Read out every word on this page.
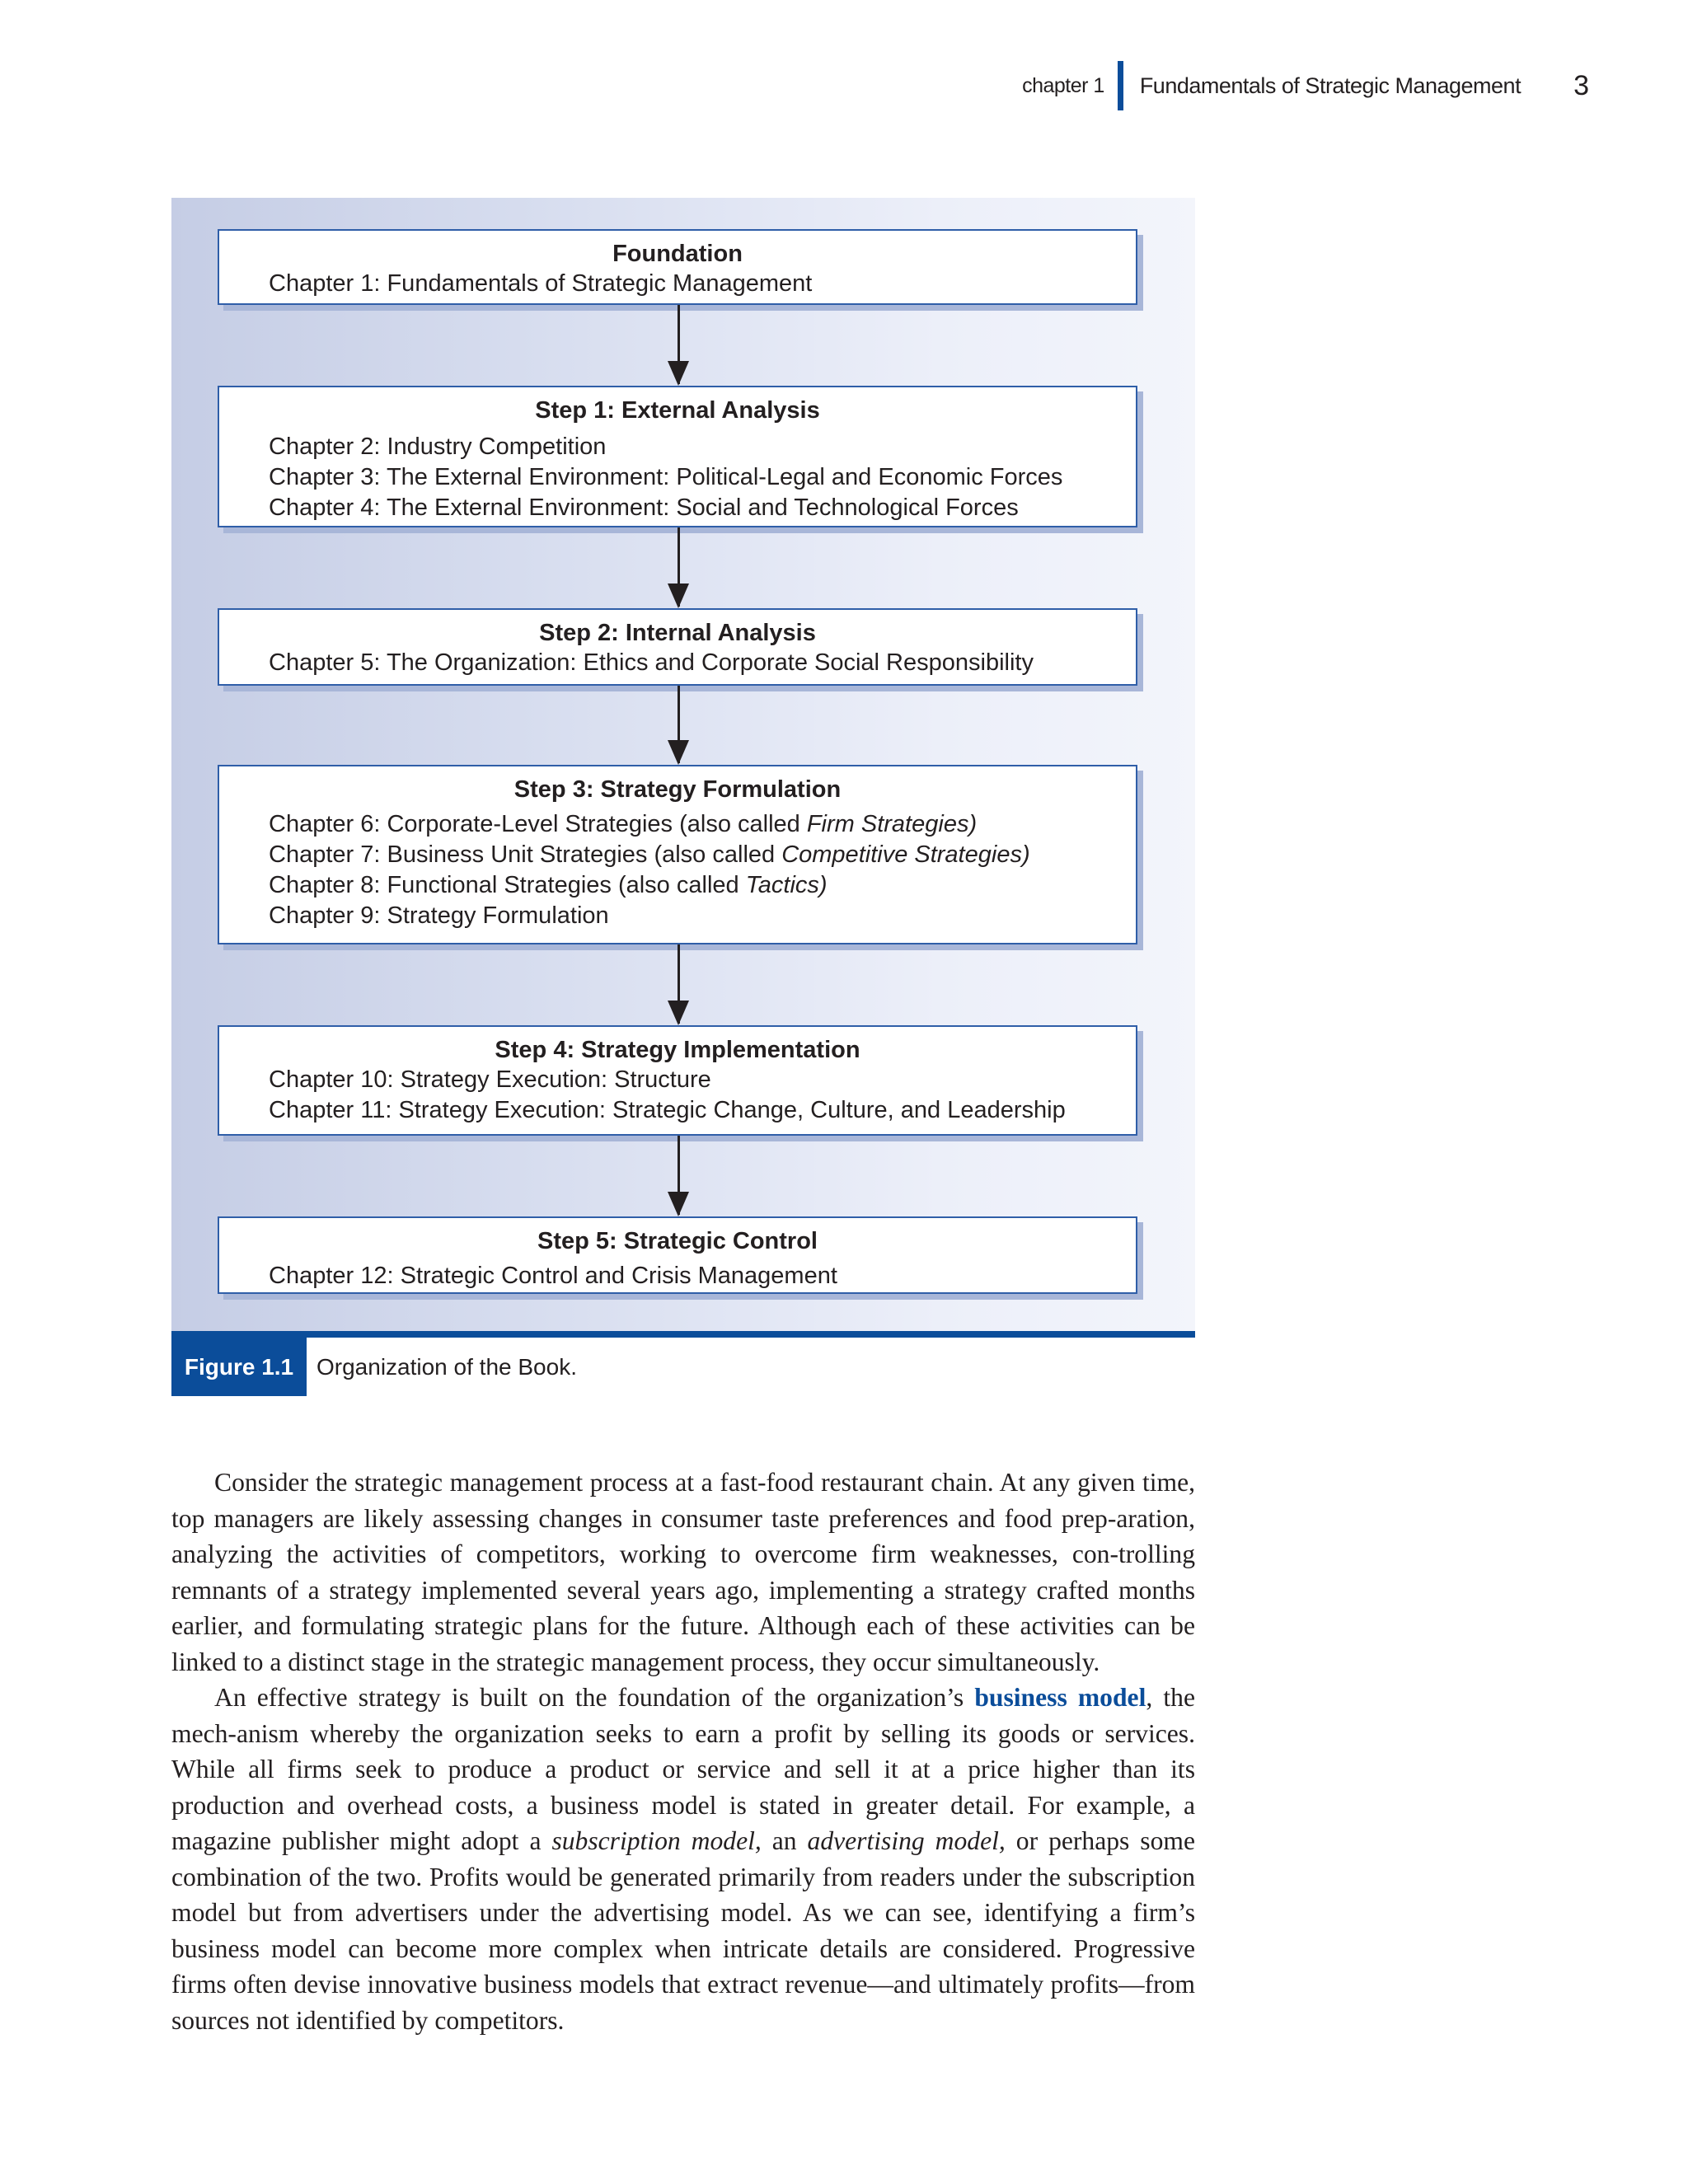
chapter 1 Fundamentals of Strategic Management 3
Foundation
Chapter 1: Fundamentals of Strategic Management
Step 1: External Analysis
Chapter 2: Industry Competition
Chapter 3: The External Environment: Political-Legal and Economic Forces
Chapter 4: The External Environment: Social and Technological Forces
Step 2: Internal Analysis
Chapter 5: The Organization: Ethics and Corporate Social Responsibility
Step 3: Strategy Formulation
Chapter 6: Corporate-Level Strategies (also called Firm Strategies)
Chapter 7: Business Unit Strategies (also called Competitive Strategies)
Chapter 8: Functional Strategies (also called Tactics)
Chapter 9: Strategy Formulation
Step 4: Strategy Implementation
Chapter 10: Strategy Execution: Structure
Chapter 11: Strategy Execution: Strategic Change, Culture, and Leadership
Step 5: Strategic Control
Chapter 12: Strategic Control and Crisis Management
Figure 1.1 Organization of the Book.

Consider the strategic management process at a fast-food restaurant chain. At any given time, top managers are likely assessing changes in consumer taste preferences and food prep-aration, analyzing the activities of competitors, working to overcome firm weaknesses, con-trolling remnants of a strategy implemented several years ago, implementing a strategy crafted months earlier, and formulating strategic plans for the future. Although each of these activities can be linked to a distinct stage in the strategic management process, they occur simultaneously.

An effective strategy is built on the foundation of the organization’s business model, the mech-anism whereby the organization seeks to earn a profit by selling its goods or services. While all firms seek to produce a product or service and sell it at a price higher than its production and overhead costs, a business model is stated in greater detail. For example, a magazine publisher might adopt a subscription model, an advertising model, or perhaps some combination of the two. Profits would be generated primarily from readers under the subscription model but from advertisers under the advertising model. As we can see, identifying a firm’s business model can become more complex when intricate details are considered. Progressive firms often devise innovative business models that extract revenue—and ultimately profits—from sources not identified by competitors.
